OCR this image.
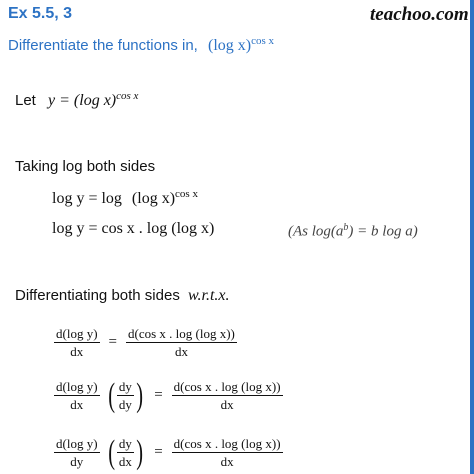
Ex 5.5, 3	teachoo.com
Differentiate the functions in, (log x)$^{cos x}$
Let y = (log x)$^{cos x}$
Taking log both sides
log y = log (log x)$^{cos x}$
log y = cos x . log (log x)	(As $\log(a^b) = b$ log a)
Differentiating both sides w.r.t.x.
$\frac{\text{d(log y)}}{dx} = \frac{\text{d(cos x . log (log x))}}{dx}$
$\frac{\text{d(log y)}}{dx}$ ( $\frac{dy}{dy}$ ) = $\frac{\text{d(cos x . log (log x))}}{dx}$
$\frac{\text{d(log y)}}{dy}$ ( $\frac{dy}{dx}$ ) = $\frac{\text{d(cos x . log (log x))}}{dx}$
